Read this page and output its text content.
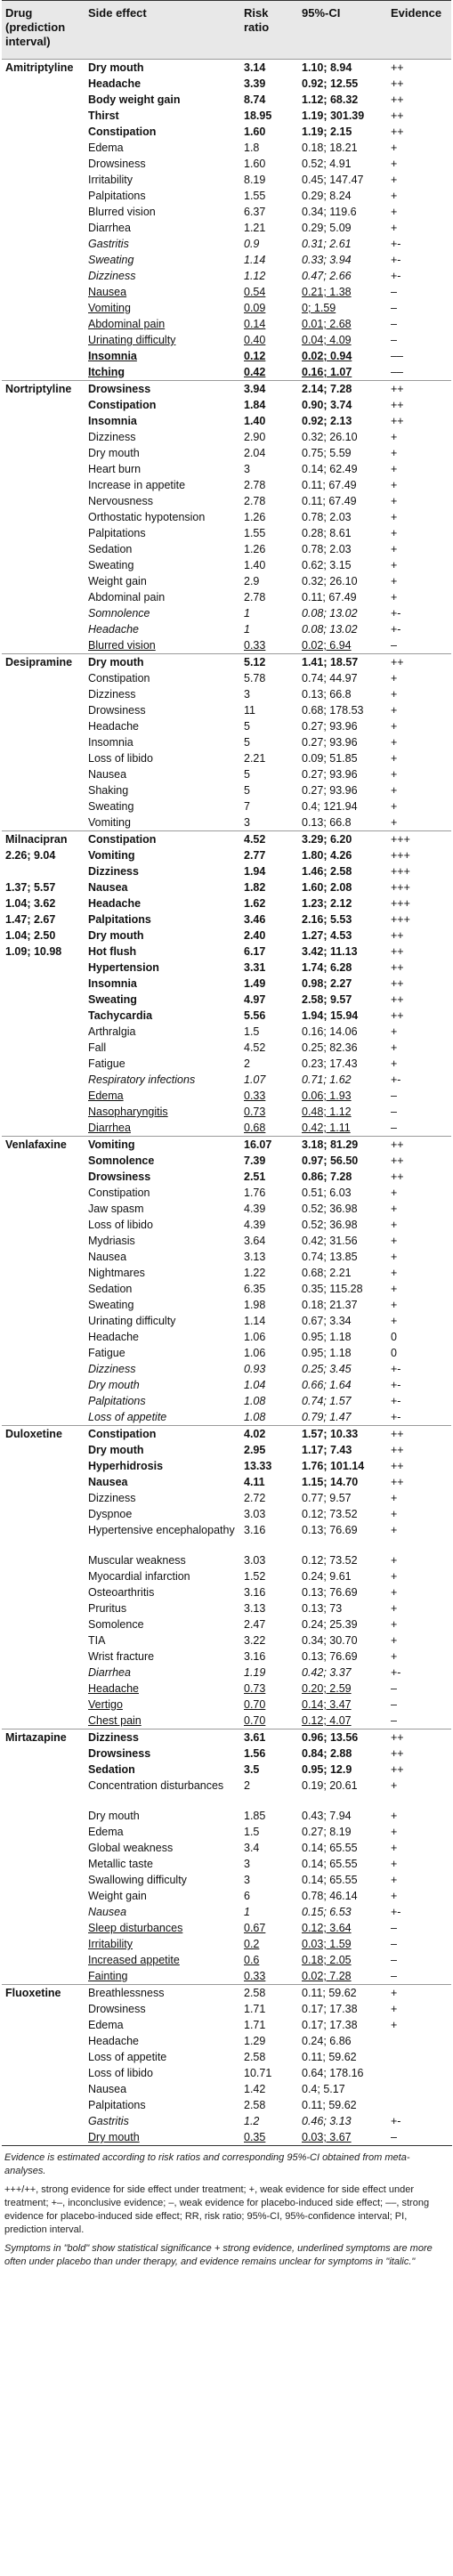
Drug (prediction interval)	Side effect	Risk ratio	95%-CI	Evidence
Amitriptyline	Dry mouth	3.14	1.10; 8.94	++
	Headache	3.39	0.92; 12.55	++
	Body weight gain	8.74	1.12; 68.32	++
	Thirst	18.95	1.19; 301.39	++
	Constipation	1.60	1.19; 2.15	++
	Edema	1.8	0.18; 18.21	+
	Drowsiness	1.60	0.52; 4.91	+
	Irritability	8.19	0.45; 147.47	+
	Palpitations	1.55	0.29; 8.24	+
	Blurred vision	6.37	0.34; 119.6	+
	Diarrhea	1.21	0.29; 5.09	+
	Gastritis	0.9	0.31; 2.61	+-
	Sweating	1.14	0.33; 3.94	+-
	Dizziness	1.12	0.47; 2.66	+-
	Nausea	0.54	0.21; 1.38	–
	Vomiting	0.09	0; 1.59	–
	Abdominal pain	0.14	0.01; 2.68	–
	Urinating difficulty	0.40	0.04; 4.09	–
	Insomnia	0.12	0.02; 0.94	––
	Itching	0.42	0.16; 1.07	––
Nortriptyline	Drowsiness	3.94	2.14; 7.28	++
	Constipation	1.84	0.90; 3.74	++
	Insomnia	1.40	0.92; 2.13	++
	Dizziness	2.90	0.32; 26.10	+
	Dry mouth	2.04	0.75; 5.59	+
	Heart burn	3	0.14; 62.49	+
	Increase in appetite	2.78	0.11; 67.49	+
	Nervousness	2.78	0.11; 67.49	+
	Orthostatic hypotension	1.26	0.78; 2.03	+
	Palpitations	1.55	0.28; 8.61	+
	Sedation	1.26	0.78; 2.03	+
	Sweating	1.40	0.62; 3.15	+
	Weight gain	2.9	0.32; 26.10	+
	Abdominal pain	2.78	0.11; 67.49	+
	Somnolence	1	0.08; 13.02	+-
	Headache	1	0.08; 13.02	+-
	Blurred vision	0.33	0.02; 6.94	–
Desipramine	Dry mouth	5.12	1.41; 18.57	++
	Constipation	5.78	0.74; 44.97	+
	Dizziness	3	0.13; 66.8	+
	Drowsiness	11	0.68; 178.53	+
	Headache	5	0.27; 93.96	+
	Insomnia	5	0.27; 93.96	+
	Loss of libido	2.21	0.09; 51.85	+
	Nausea	5	0.27; 93.96	+
	Shaking	5	0.27; 93.96	+
	Sweating	7	0.4; 121.94	+
	Vomiting	3	0.13; 66.8	+
Milnacipran	Constipation	4.52	3.29; 6.20	+++
2.26; 9.04	Vomiting	2.77	1.80; 4.26	+++
	Dizziness	1.94	1.46; 2.58	+++
1.37; 5.57	Nausea	1.82	1.60; 2.08	+++
1.04; 3.62	Headache	1.62	1.23; 2.12	+++
1.47; 2.67	Palpitations	3.46	2.16; 5.53	+++
1.04; 2.50	Dry mouth	2.40	1.27; 4.53	++
1.09; 10.98	Hot flush	6.17	3.42; 11.13	++
	Hypertension	3.31	1.74; 6.28	++
	Insomnia	1.49	0.98; 2.27	++
	Sweating	4.97	2.58; 9.57	++
	Tachycardia	5.56	1.94; 15.94	++
	Arthralgia	1.5	0.16; 14.06	+
	Fall	4.52	0.25; 82.36	+
	Fatigue	2	0.23; 17.43	+
	Respiratory infections	1.07	0.71; 1.62	+-
	Edema	0.33	0.06; 1.93	–
	Nasopharyngitis	0.73	0.48; 1.12	–
	Diarrhea	0.68	0.42; 1.11	–
Venlafaxine	Vomiting	16.07	3.18; 81.29	++
	Somnolence	7.39	0.97; 56.50	++
	Drowsiness	2.51	0.86; 7.28	++
	Constipation	1.76	0.51; 6.03	+
	Jaw spasm	4.39	0.52; 36.98	+
	Loss of libido	4.39	0.52; 36.98	+
	Mydriasis	3.64	0.42; 31.56	+
	Nausea	3.13	0.74; 13.85	+
	Nightmares	1.22	0.68; 2.21	+
	Sedation	6.35	0.35; 115.28	+
	Sweating	1.98	0.18; 21.37	+
	Urinating difficulty	1.14	0.67; 3.34	+
	Headache	1.06	0.95; 1.18	0
	Fatigue	1.06	0.95; 1.18	0
	Dizziness	0.93	0.25; 3.45	+-
	Dry mouth	1.04	0.66; 1.64	+-
	Palpitations	1.08	0.74; 1.57	+-
	Loss of appetite	1.08	0.79; 1.47	+-
Duloxetine	Constipation	4.02	1.57; 10.33	++
	Dry mouth	2.95	1.17; 7.43	++
	Hyperhidrosis	13.33	1.76; 101.14	++
	Nausea	4.11	1.15; 14.70	++
	Dizziness	2.72	0.77; 9.57	+
	Dyspnoe	3.03	0.12; 73.52	+
	Hypertensive encephalopathy	3.16	0.13; 76.69	+
	Muscular weakness	3.03	0.12; 73.52	+
	Myocardial infarction	1.52	0.24; 9.61	+
	Osteoarthritis	3.16	0.13; 76.69	+
	Pruritus	3.13	0.13; 73	+
	Somolence	2.47	0.24; 25.39	+
	TIA	3.22	0.34; 30.70	+
	Wrist fracture	3.16	0.13; 76.69	+
	Diarrhea	1.19	0.42; 3.37	+-
	Headache	0.73	0.20; 2.59	–
	Vertigo	0.70	0.14; 3.47	–
	Chest pain	0.70	0.12; 4.07	–
Mirtazapine	Dizziness	3.61	0.96; 13.56	++
	Drowsiness	1.56	0.84; 2.88	++
	Sedation	3.5	0.95; 12.9	++
	Concentration disturbances	2	0.19; 20.61	+
	Dry mouth	1.85	0.43; 7.94	+
	Edema	1.5	0.27; 8.19	+
	Global weakness	3.4	0.14; 65.55	+
	Metallic taste	3	0.14; 65.55	+
	Swallowing difficulty	3	0.14; 65.55	+
	Weight gain	6	0.78; 46.14	+
	Nausea	1	0.15; 6.53	+-
	Sleep disturbances	0.67	0.12; 3.64	–
	Irritability	0.2	0.03; 1.59	–
	Increased appetite	0.6	0.18; 2.05	–
	Fainting	0.33	0.02; 7.28	–
Fluoxetine	Breathlessness	2.58	0.11; 59.62	+
	Drowsiness	1.71	0.17; 17.38	+
	Edema	1.71	0.17; 17.38	+
	Headache	1.29	0.24; 6.86	
	Loss of appetite	2.58	0.11; 59.62	
	Loss of libido	10.71	0.64; 178.16	
	Nausea	1.42	0.4; 5.17	
	Palpitations	2.58	0.11; 59.62	
	Gastritis	1.2	0.46; 3.13	+-
	Dry mouth	0.35	0.03; 3.67	–

Evidence is estimated according to risk ratios and corresponding 95%-CI obtained from meta-analyses.

+++/++, strong evidence for side effect under treatment; +, weak evidence for side effect under treatment; +–, inconclusive evidence; –, weak evidence for placebo-induced side effect; ––, strong evidence for placebo-induced side effect; RR, risk ratio; 95%-CI, 95%-confidence interval; PI, prediction interval.

Symptoms in "bold" show statistical significance + strong evidence, underlined symptoms are more often under placebo than under therapy, and evidence remains unclear for symptoms in "italic."
